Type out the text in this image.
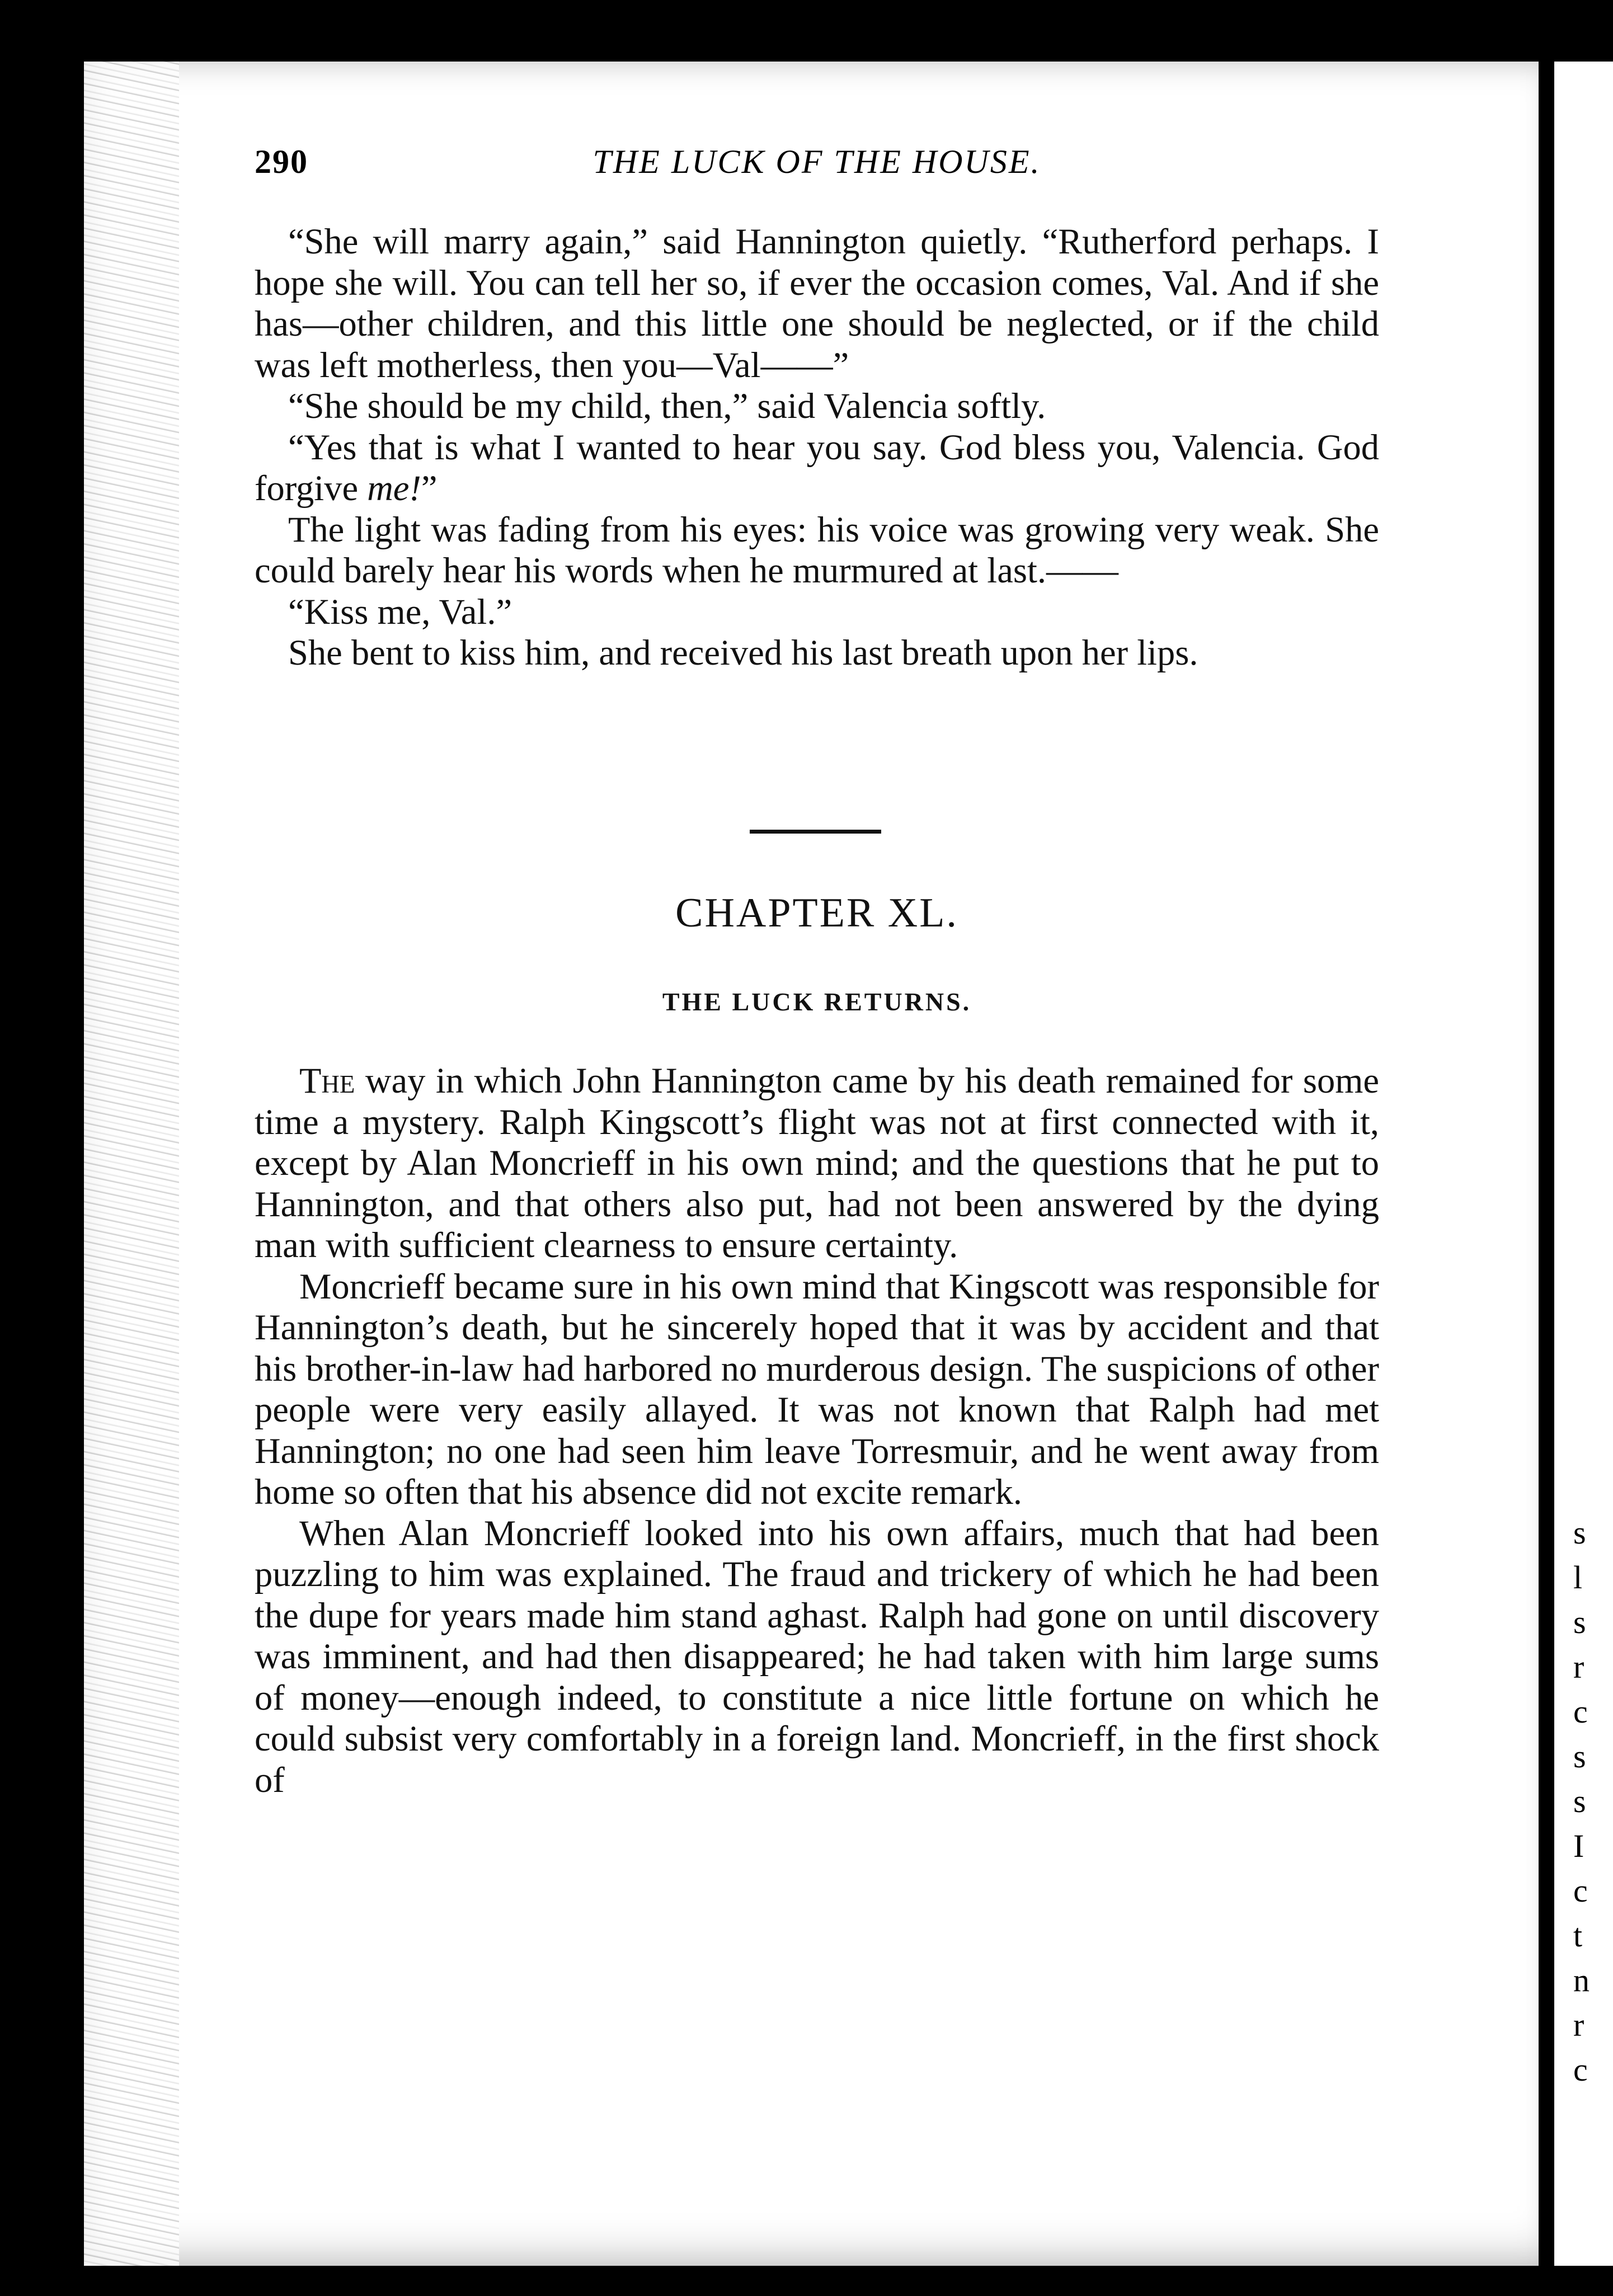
s
l
s
r
c
s
s
I
c
t
n
r
c
290	THE LUCK OF THE HOUSE.

“She will marry again,” said Hannington quietly. “Rutherford perhaps. I hope she will. You can tell her so, if ever the occasion comes, Val. And if she has—other children, and this little one should be neglected, or if the child was left motherless, then you—Val——”

“She should be my child, then,” said Valencia softly.

“Yes that is what I wanted to hear you say. God bless you, Valencia. God forgive me!”

The light was fading from his eyes: his voice was growing very weak. She could barely hear his words when he murmured at last.——

“Kiss me, Val.”

She bent to kiss him, and received his last breath upon her lips.

CHAPTER XL.
THE LUCK RETURNS.

The way in which John Hannington came by his death remained for some time a mystery. Ralph Kingscott’s flight was not at first connected with it, except by Alan Moncrieff in his own mind; and the questions that he put to Hannington, and that others also put, had not been answered by the dying man with sufficient clearness to ensure certainty.

Moncrieff became sure in his own mind that Kingscott was responsible for Hannington’s death, but he sincerely hoped that it was by accident and that his brother-in-law had harbored no murderous design. The suspicions of other people were very easily allayed. It was not known that Ralph had met Hannington; no one had seen him leave Torresmuir, and he went away from home so often that his absence did not excite remark.

When Alan Moncrieff looked into his own affairs, much that had been puzzling to him was explained. The fraud and trickery of which he had been the dupe for years made him stand aghast. Ralph had gone on until discovery was imminent, and had then disappeared; he had taken with him large sums of money—enough indeed, to constitute a nice little fortune on which he could subsist very comfortably in a foreign land. Moncrieff, in the first shock of
